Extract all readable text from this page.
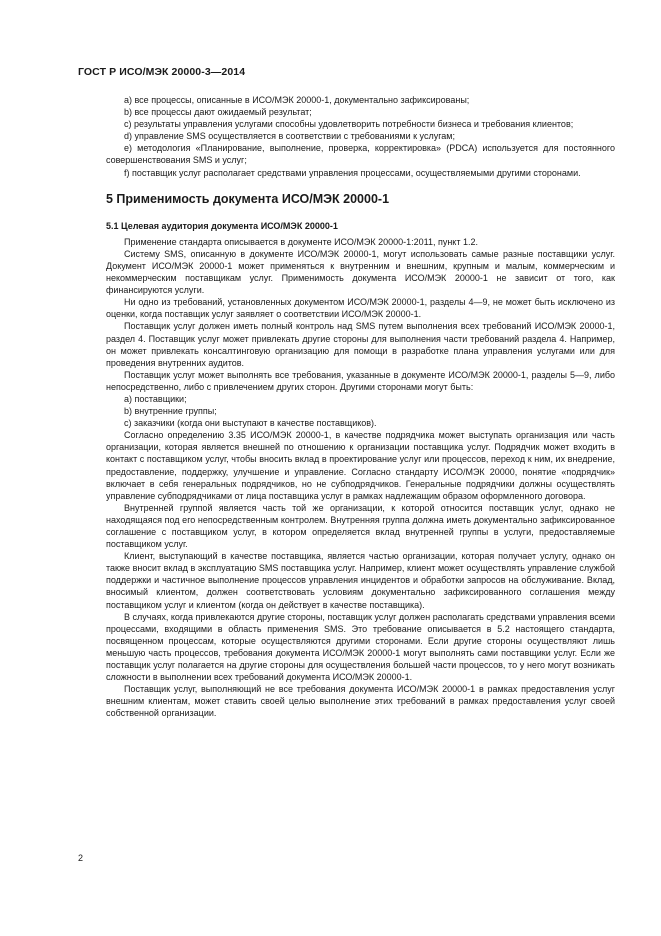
ГОСТ Р ИСО/МЭК 20000-3—2014

а) все процессы, описанные в ИСО/МЭК 20000-1, документально зафиксированы;

b) все процессы дают ожидаемый результат;

c) результаты управления услугами способны удовлетворить потребности бизнеса и требования клиентов;

d) управление SMS осуществляется в соответствии с требованиями к услугам;

e) методология «Планирование, выполнение, проверка, корректировка» (PDCA) используется для постоянного совершенствования SMS и услуг;

f) поставщик услуг располагает средствами управления процессами, осуществляемыми другими сторонами.

5 Применимость документа ИСО/МЭК 20000-1

5.1 Целевая аудитория документа ИСО/МЭК 20000-1

Применение стандарта описывается в документе ИСО/МЭК 20000-1:2011, пункт 1.2.

Систему SMS, описанную в документе ИСО/МЭК 20000-1, могут использовать самые разные поставщики услуг. Документ ИСО/МЭК 20000-1 может применяться к внутренним и внешним, крупным и малым, коммерческим и некоммерческим поставщикам услуг. Применимость документа ИСО/МЭК 20000-1 не зависит от того, как финансируются услуги.

Ни одно из требований, установленных документом ИСО/МЭК 20000-1, разделы 4—9, не может быть исключено из оценки, когда поставщик услуг заявляет о соответствии ИСО/МЭК 20000-1.

Поставщик услуг должен иметь полный контроль над SMS путем выполнения всех требований ИСО/МЭК 20000-1, раздел 4. Поставщик услуг может привлекать другие стороны для выполнения части требований раздела 4. Например, он может привлекать консалтинговую организацию для помощи в разработке плана управления услугами или для проведения внутренних аудитов.

Поставщик услуг может выполнять все требования, указанные в документе ИСО/МЭК 20000-1, разделы 5—9, либо непосредственно, либо с привлечением других сторон. Другими сторонами могут быть:

a) поставщики;

b) внутренние группы;

c) заказчики (когда они выступают в качестве поставщиков).

Согласно определению 3.35 ИСО/МЭК 20000-1, в качестве подрядчика может выступать организация или часть организации, которая является внешней по отношению к организации поставщика услуг. Подрядчик может входить в контакт с поставщиком услуг, чтобы вносить вклад в проектирование услуг или процессов, переход к ним, их внедрение, предоставление, поддержку, улучшение и управление. Согласно стандарту ИСО/МЭК 20000, понятие «подрядчик» включает в себя генеральных подрядчиков, но не субподрядчиков. Генеральные подрядчики должны осуществлять управление субподрядчиками от лица поставщика услуг в рамках надлежащим образом оформленного договора.

Внутренней группой является часть той же организации, к которой относится поставщик услуг, однако не находящаяся под его непосредственным контролем. Внутренняя группа должна иметь документально зафиксированное соглашение с поставщиком услуг, в котором определяется вклад внутренней группы в услуги, предоставляемые поставщиком услуг.

Клиент, выступающий в качестве поставщика, является частью организации, которая получает услугу, однако он также вносит вклад в эксплуатацию SMS поставщика услуг. Например, клиент может осуществлять управление службой поддержки и частичное выполнение процессов управления инцидентов и обработки запросов на обслуживание. Вклад, вносимый клиентом, должен соответствовать условиям документально зафиксированного соглашения между поставщиком услуг и клиентом (когда он действует в качестве поставщика).

В случаях, когда привлекаются другие стороны, поставщик услуг должен располагать средствами управления всеми процессами, входящими в область применения SMS. Это требование описывается в 5.2 настоящего стандарта, посвященном процессам, которые осуществляются другими сторонами. Если другие стороны осуществляют лишь меньшую часть процессов, требования документа ИСО/МЭК 20000-1 могут выполнять сами поставщики услуг. Если же поставщик услуг полагается на другие стороны для осуществления большей части процессов, то у него могут возникать сложности в выполнении всех требований документа ИСО/МЭК 20000-1.

Поставщик услуг, выполняющий не все требования документа ИСО/МЭК 20000-1 в рамках предоставления услуг внешним клиентам, может ставить своей целью выполнение этих требований в рамках предоставления услуг своей собственной организации.

2
